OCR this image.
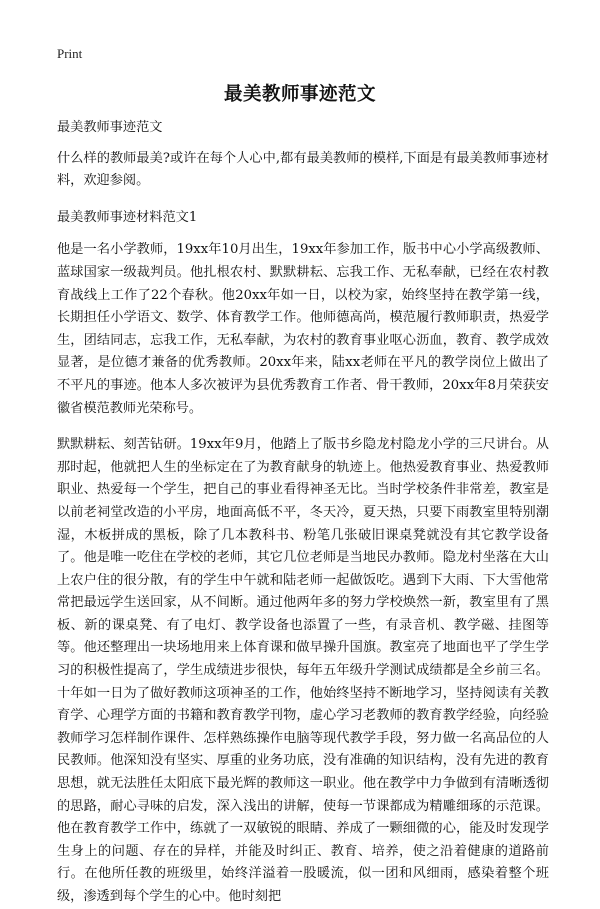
Print
最美教师事迹范文

最美教师事迹范文

什么样的教师最美?或许在每个人心中,都有最美教师的模样,下面是有最美教师事迹材料，欢迎参阅。

最美教师事迹材料范文1

他是一名小学教师，19xx年10月出生，19xx年参加工作，版书中心小学高级教师、蓝球国家一级裁判员。他扎根农村、默默耕耘、忘我工作、无私奉献，已经在农村教育战线上工作了22个春秋。他20xx年如一日，以校为家，始终坚持在教学第一线，长期担任小学语文、数学、体育教学工作。他师德高尚，模范履行教师职责，热爱学生，团结同志，忘我工作，无私奉献，为农村的教育事业呕心沥血，教育、教学成效显著，是位德才兼备的优秀教师。20xx年来，陆xx老师在平凡的教学岗位上做出了不平凡的事迹。他本人多次被评为县优秀教育工作者、骨干教师，20xx年8月荣获安徽省模范教师光荣称号。

默默耕耘、刻苦钻研。19xx年9月，他踏上了版书乡隐龙村隐龙小学的三尺讲台。从那时起，他就把人生的坐标定在了为教育献身的轨迹上。他热爱教育事业、热爱教师职业、热爱每一个学生，把自己的事业看得神圣无比。当时学校条件非常差，教室是以前老祠堂改造的小平房，地面高低不平，冬天冷，夏天热，只要下雨教室里特别潮湿，木板拼成的黑板，除了几本教科书、粉笔几张破旧课桌凳就没有其它教学设备了。他是唯一吃住在学校的老师，其它几位老师是当地民办教师。隐龙村坐落在大山上农户住的很分散，有的学生中午就和陆老师一起做饭吃。遇到下大雨、下大雪他常常把最远学生送回家，从不间断。通过他两年多的努力学校焕然一新，教室里有了黑板、新的课桌凳、有了电灯、教学设备也添置了一些，有录音机、教学磁、挂图等等。他还整理出一块场地用来上体育课和做早操升国旗。教室亮了地面也平了学生学习的积极性提高了，学生成绩进步很快，每年五年级升学测试成绩都是全乡前三名。十年如一日为了做好教师这项神圣的工作，他始终坚持不断地学习，坚持阅读有关教育学、心理学方面的书籍和教育教学刊物，虚心学习老教师的教育教学经验，向经验教师学习怎样制作课件、怎样熟练操作电脑等现代教学手段，努力做一名高品位的人民教师。他深知没有坚实、厚重的业务功底，没有准确的知识结构，没有先进的教育思想，就无法胜任太阳底下最光辉的教师这一职业。他在教学中力争做到有清晰透彻的思路，耐心寻味的启发，深入浅出的讲解，使每一节课都成为精雕细琢的示范课。他在教育教学工作中，练就了一双敏锐的眼睛、养成了一颗细微的心，能及时发现学生身上的问题、存在的异样，并能及时纠正、教育、培养，使之沿着健康的道路前行。在他所任教的班级里，始终洋溢着一股暖流，似一团和风细雨，感染着整个班级，渗透到每个学生的心中。他时刻把
